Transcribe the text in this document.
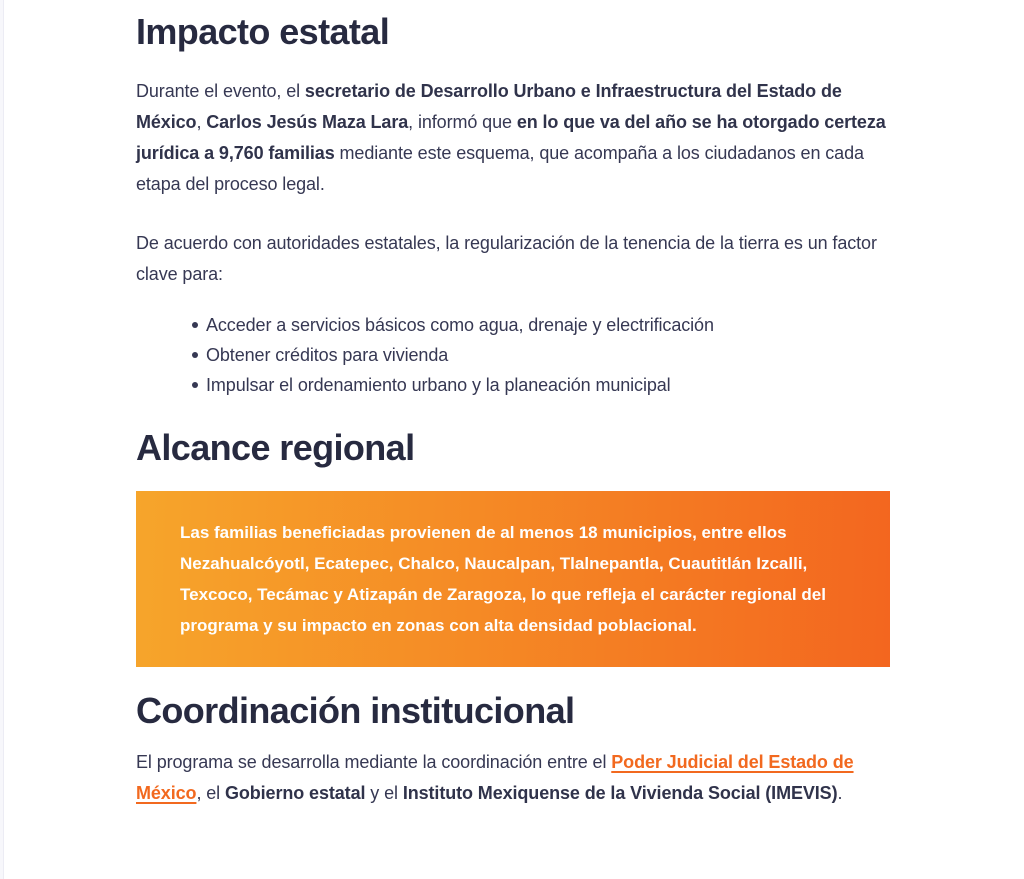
Impacto estatal

Durante el evento, el secretario de Desarrollo Urbano e Infraestructura del Estado de México, Carlos Jesús Maza Lara, informó que en lo que va del año se ha otorgado certeza jurídica a 9,760 familias mediante este esquema, que acompaña a los ciudadanos en cada etapa del proceso legal.

De acuerdo con autoridades estatales, la regularización de la tenencia de la tierra es un factor clave para:

Acceder a servicios básicos como agua, drenaje y electrificación
Obtener créditos para vivienda
Impulsar el ordenamiento urbano y la planeación municipal
Alcance regional

Las familias beneficiadas provienen de al menos 18 municipios, entre ellos Nezahualcóyotl, Ecatepec, Chalco, Naucalpan, Tlalnepantla, Cuautitlán Izcalli, Texcoco, Tecámac y Atizapán de Zaragoza, lo que refleja el carácter regional del programa y su impacto en zonas con alta densidad poblacional.

Coordinación institucional

El programa se desarrolla mediante la coordinación entre el Poder Judicial del Estado de México, el Gobierno estatal y el Instituto Mexiquense de la Vivienda Social (IMEVIS).
